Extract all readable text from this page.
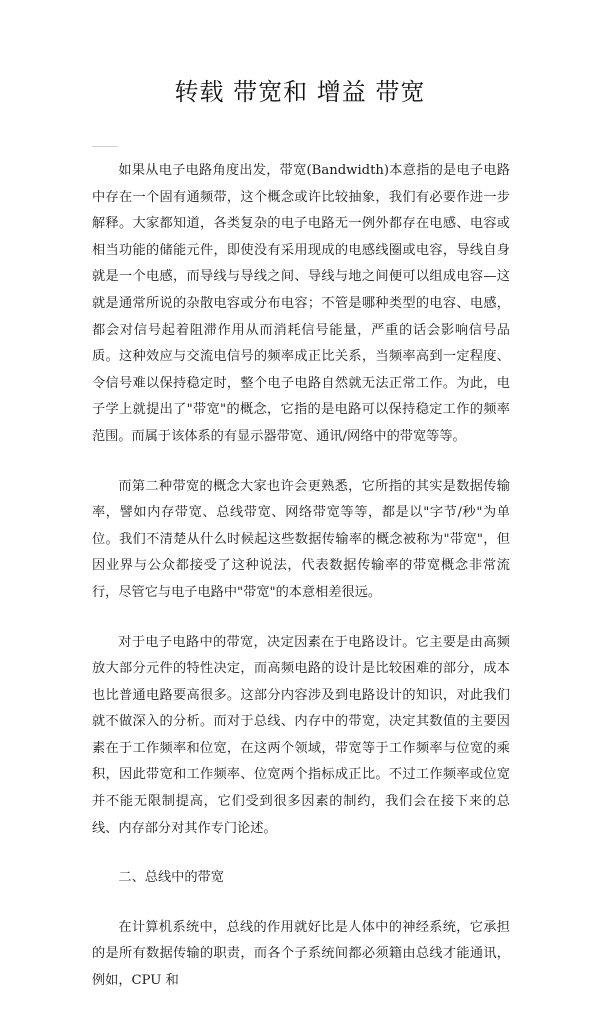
转载 带宽和 增益 带宽

如果从电子电路角度出发，带宽(Bandwidth)本意指的是电子电路中存在一个固有通频带，这个概念或许比较抽象，我们有必要作进一步解释。大家都知道，各类复杂的电子电路无一例外都存在电感、电容或相当功能的储能元件，即使没有采用现成的电感线圈或电容，导线自身就是一个电感，而导线与导线之间、导线与地之间便可以组成电容—这就是通常所说的杂散电容或分布电容；不管是哪种类型的电容、电感，都会对信号起着阻滞作用从而消耗信号能量，严重的话会影响信号品质。这种效应与交流电信号的频率成正比关系，当频率高到一定程度、令信号难以保持稳定时，整个电子电路自然就无法正常工作。为此，电子学上就提出了"带宽"的概念，它指的是电路可以保持稳定工作的频率范围。而属于该体系的有显示器带宽、通讯/网络中的带宽等等。

而第二种带宽的概念大家也许会更熟悉，它所指的其实是数据传输率，譬如内存带宽、总线带宽、网络带宽等等，都是以"字节/秒"为单位。我们不清楚从什么时候起这些数据传输率的概念被称为"带宽"，但因业界与公众都接受了这种说法，代表数据传输率的带宽概念非常流行，尽管它与电子电路中"带宽"的本意相差很远。

对于电子电路中的带宽，决定因素在于电路设计。它主要是由高频放大部分元件的特性决定，而高频电路的设计是比较困难的部分，成本也比普通电路要高很多。这部分内容涉及到电路设计的知识，对此我们就不做深入的分析。而对于总线、内存中的带宽，决定其数值的主要因素在于工作频率和位宽，在这两个领域，带宽等于工作频率与位宽的乘积，因此带宽和工作频率、位宽两个指标成正比。不过工作频率或位宽并不能无限制提高，它们受到很多因素的制约，我们会在接下来的总线、内存部分对其作专门论述。

二、总线中的带宽

在计算机系统中，总线的作用就好比是人体中的神经系统，它承担的是所有数据传输的职责，而各个子系统间都必须籍由总线才能通讯，例如，CPU 和
